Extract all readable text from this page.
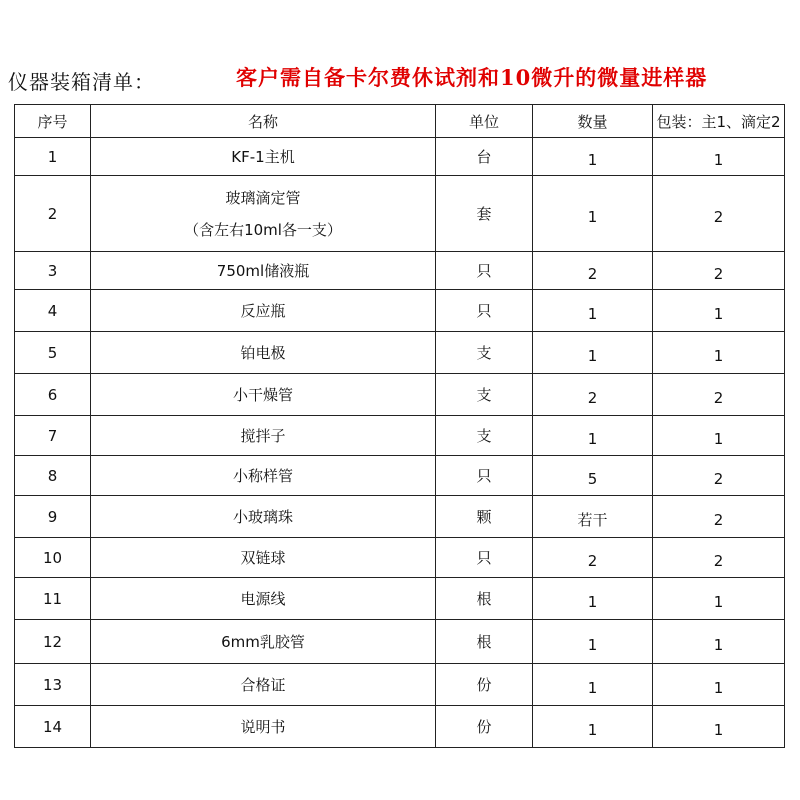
仪器装箱清单：	客户需自备卡尔费休试剂和10微升的微量进样器
序号	名称	单位	数量	包装：主1、滴定2
1	KF-1主机	台	1	1
2	玻璃滴定管
（含左右10ml各一支）	套	1	2
3	750ml储液瓶	只	2	2
4	反应瓶	只	1	1
5	铂电极	支	1	1
6	小干燥管	支	2	2
7	搅拌子	支	1	1
8	小称样管	只	5	2
9	小玻璃珠	颗	若干	2
10	双链球	只	2	2
11	电源线	根	1	1
12	6mm乳胶管	根	1	1
13	合格证	份	1	1
14	说明书	份	1	1
